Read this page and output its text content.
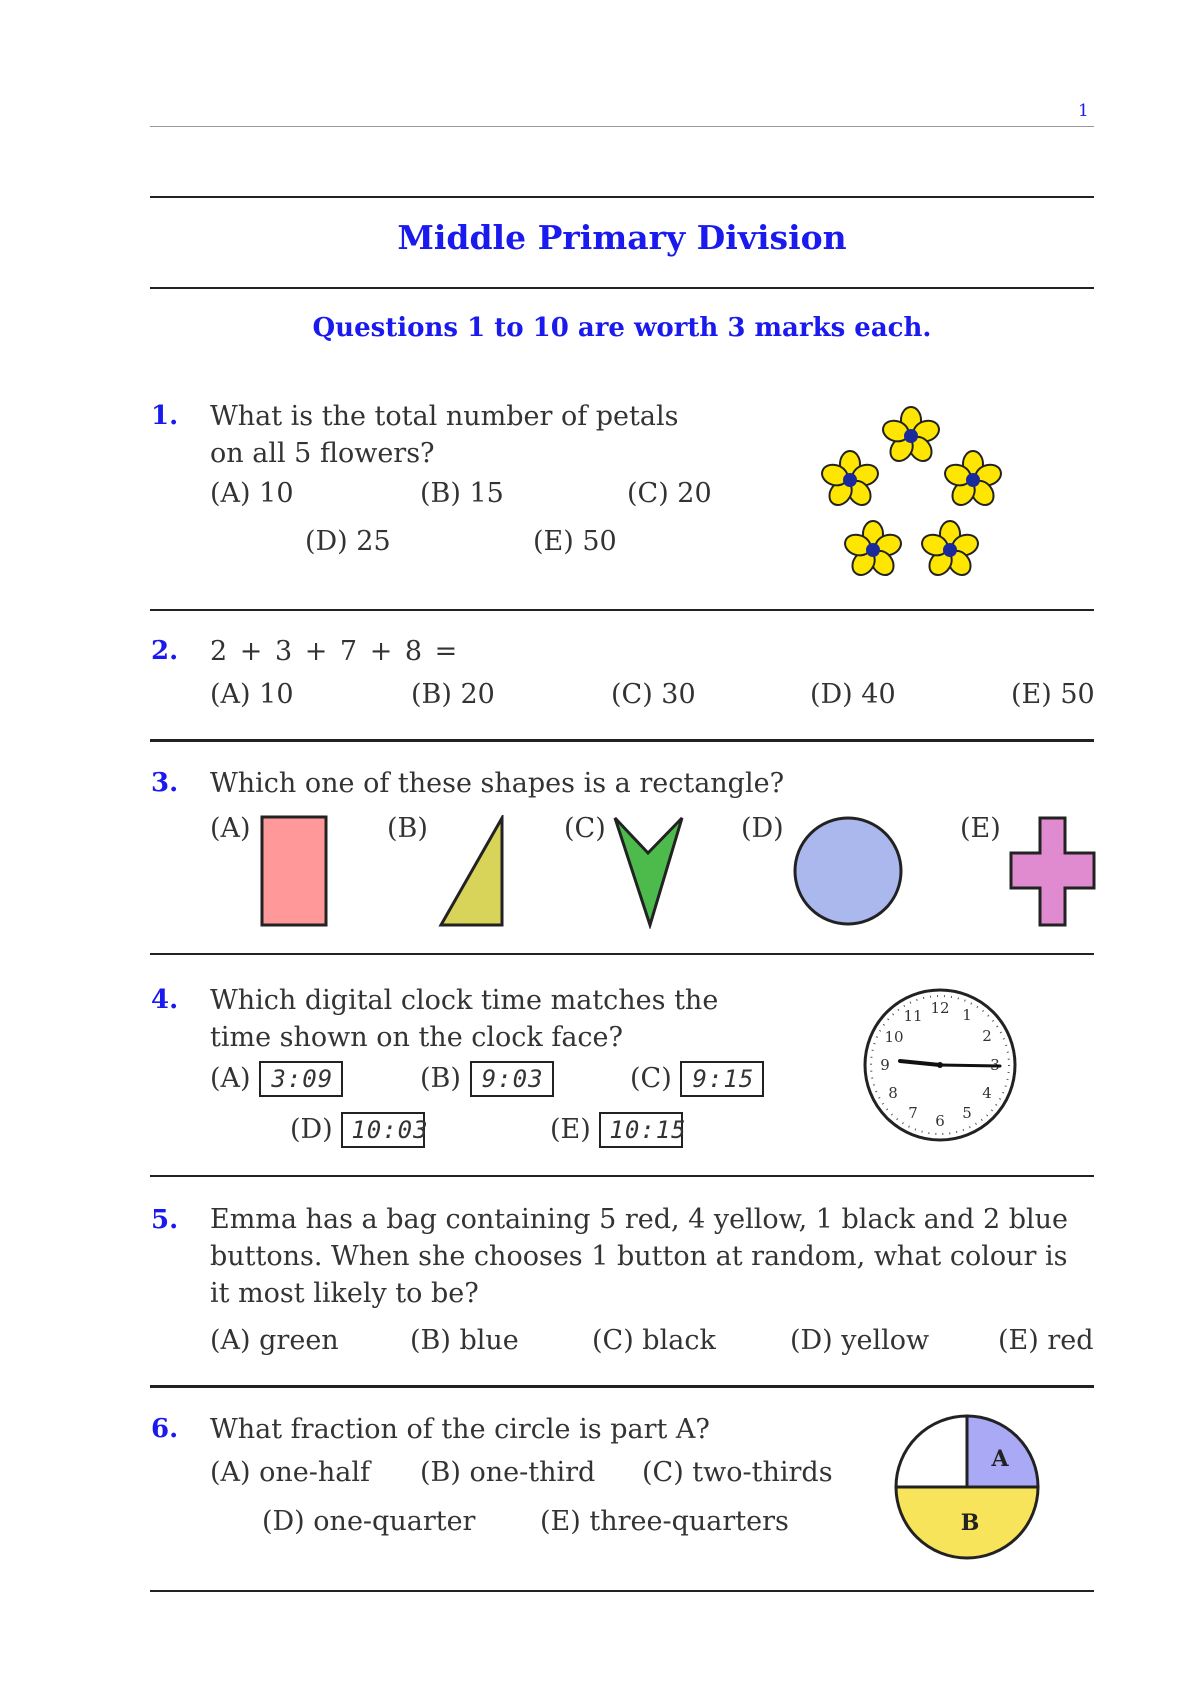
1
Middle Primary Division
Questions 1 to 10 are worth 3 marks each.
1. What is the total number of petals on all 5 flowers?
(A) 10	(B) 15	(C) 20
(D) 25	(E) 50
2. 2 + 3 + 7 + 8 =
(A) 10	(B) 20	(C) 30	(D) 40	(E) 50
3. Which one of these shapes is a rectangle?
(A)	(B)	(C)	(D)	(E)
4. Which digital clock time matches the time shown on the clock face?
(A) 3:09	(B) 9:03	(C) 9:15
(D) 10:03	(E) 10:15
12 1
2
4
5
6
7
8
9
10
11
5. Emma has a bag containing 5 red, 4 yellow, 1 black and 2 blue buttons. When she chooses 1 button at random, what colour is it most likely to be?
(A) green	(B) blue	(C) black	(D) yellow	(E) red
6. What fraction of the circle is part A?
(A) one-half (B) one-third (C) two-thirds
(D) one-quarter (E) three-quarters
A
B
